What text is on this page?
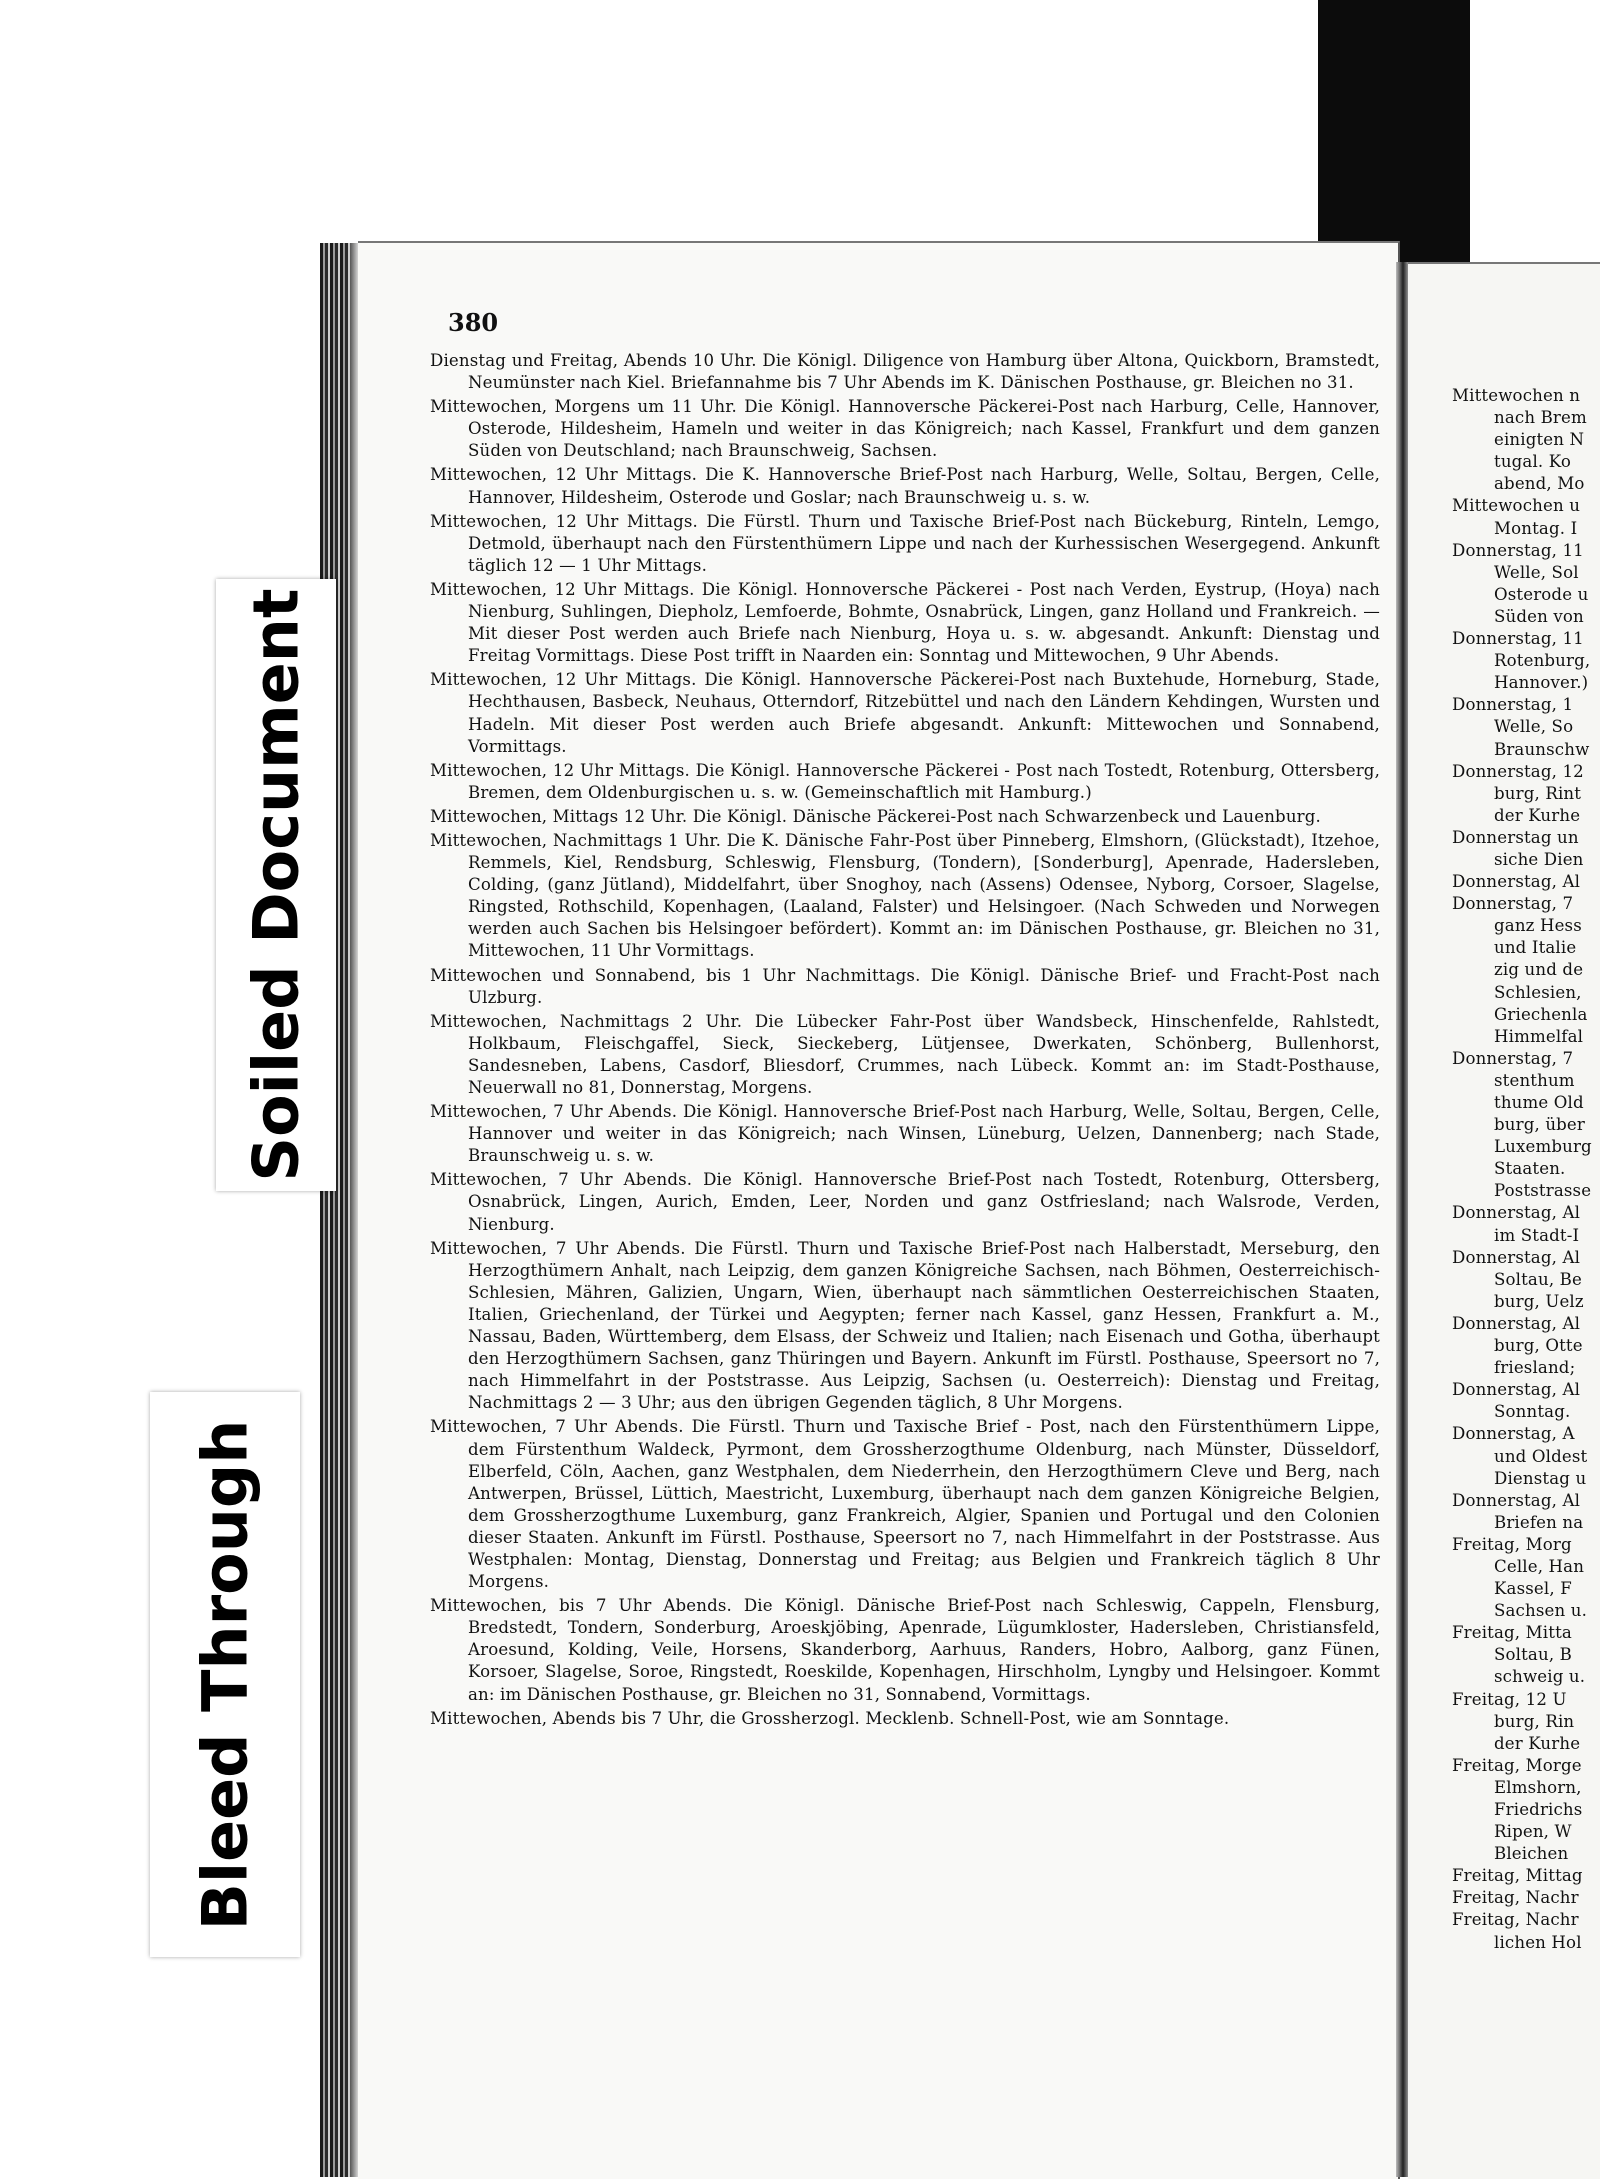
380

Dienstag und Freitag, Abends 10 Uhr. Die Königl. Diligence von Hamburg über Altona, Quickborn, Bramstedt, Neumünster nach Kiel. Briefannahme bis 7 Uhr Abends im K. Dänischen Posthause, gr. Bleichen no 31.

Mittewochen, Morgens um 11 Uhr. Die Königl. Hannoversche Päckerei-Post nach Harburg, Celle, Hannover, Osterode, Hildesheim, Hameln und weiter in das Königreich; nach Kassel, Frankfurt und dem ganzen Süden von Deutschland; nach Braunschweig, Sachsen.

Mittewochen, 12 Uhr Mittags. Die K. Hannoversche Brief-Post nach Harburg, Welle, Soltau, Bergen, Celle, Hannover, Hildesheim, Osterode und Goslar; nach Braunschweig u. s. w.

Mittewochen, 12 Uhr Mittags. Die Fürstl. Thurn und Taxische Brief-Post nach Bückeburg, Rinteln, Lemgo, Detmold, überhaupt nach den Fürstenthümern Lippe und nach der Kurhessischen Wesergegend. Ankunft täglich 12 — 1 Uhr Mittags.

Mittewochen, 12 Uhr Mittags. Die Königl. Honnoversche Päckerei - Post nach Verden, Eystrup, (Hoya) nach Nienburg, Suhlingen, Diepholz, Lemfoerde, Bohmte, Osnabrück, Lingen, ganz Holland und Frankreich. — Mit dieser Post werden auch Briefe nach Nienburg, Hoya u. s. w. abgesandt. Ankunft: Dienstag und Freitag Vormittags. Diese Post trifft in Naarden ein: Sonntag und Mittewochen, 9 Uhr Abends.

Mittewochen, 12 Uhr Mittags. Die Königl. Hannoversche Päckerei-Post nach Buxtehude, Horneburg, Stade, Hechthausen, Basbeck, Neuhaus, Otterndorf, Ritzebüttel und nach den Ländern Kehdingen, Wursten und Hadeln. Mit dieser Post werden auch Briefe abgesandt. Ankunft: Mittewochen und Sonnabend, Vormittags.

Mittewochen, 12 Uhr Mittags. Die Königl. Hannoversche Päckerei - Post nach Tostedt, Rotenburg, Ottersberg, Bremen, dem Oldenburgischen u. s. w. (Gemeinschaftlich mit Hamburg.)

Mittewochen, Mittags 12 Uhr. Die Königl. Dänische Päckerei-Post nach Schwarzenbeck und Lauenburg.

Mittewochen, Nachmittags 1 Uhr. Die K. Dänische Fahr-Post über Pinneberg, Elmshorn, (Glückstadt), Itzehoe, Remmels, Kiel, Rendsburg, Schleswig, Flensburg, (Tondern), [Sonderburg], Apenrade, Hadersleben, Colding, (ganz Jütland), Middelfahrt, über Snoghoy, nach (Assens) Odensee, Nyborg, Corsoer, Slagelse, Ringsted, Rothschild, Kopenhagen, (Laaland, Falster) und Helsingoer. (Nach Schweden und Norwegen werden auch Sachen bis Helsingoer befördert). Kommt an: im Dänischen Posthause, gr. Bleichen no 31, Mittewochen, 11 Uhr Vormittags.

Mittewochen und Sonnabend, bis 1 Uhr Nachmittags. Die Königl. Dänische Brief- und Fracht-Post nach Ulzburg.

Mittewochen, Nachmittags 2 Uhr. Die Lübecker Fahr-Post über Wandsbeck, Hinschenfelde, Rahlstedt, Holkbaum, Fleischgaffel, Sieck, Sieckeberg, Lütjensee, Dwerkaten, Schönberg, Bullenhorst, Sandesneben, Labens, Casdorf, Bliesdorf, Crummes, nach Lübeck. Kommt an: im Stadt-Posthause, Neuerwall no 81, Donnerstag, Morgens.

Mittewochen, 7 Uhr Abends. Die Königl. Hannoversche Brief-Post nach Harburg, Welle, Soltau, Bergen, Celle, Hannover und weiter in das Königreich; nach Winsen, Lüneburg, Uelzen, Dannenberg; nach Stade, Braunschweig u. s. w.

Mittewochen, 7 Uhr Abends. Die Königl. Hannoversche Brief-Post nach Tostedt, Rotenburg, Ottersberg, Osnabrück, Lingen, Aurich, Emden, Leer, Norden und ganz Ostfriesland; nach Walsrode, Verden, Nienburg.

Mittewochen, 7 Uhr Abends. Die Fürstl. Thurn und Taxische Brief-Post nach Halberstadt, Merseburg, den Herzogthümern Anhalt, nach Leipzig, dem ganzen Königreiche Sachsen, nach Böhmen, Oesterreichisch-Schlesien, Mähren, Galizien, Ungarn, Wien, überhaupt nach sämmtlichen Oesterreichischen Staaten, Italien, Griechenland, der Türkei und Aegypten; ferner nach Kassel, ganz Hessen, Frankfurt a. M., Nassau, Baden, Württemberg, dem Elsass, der Schweiz und Italien; nach Eisenach und Gotha, überhaupt den Herzogthümern Sachsen, ganz Thüringen und Bayern. Ankunft im Fürstl. Posthause, Speersort no 7, nach Himmelfahrt in der Poststrasse. Aus Leipzig, Sachsen (u. Oesterreich): Dienstag und Freitag, Nachmittags 2 — 3 Uhr; aus den übrigen Gegenden täglich, 8 Uhr Morgens.

Mittewochen, 7 Uhr Abends. Die Fürstl. Thurn und Taxische Brief - Post, nach den Fürstenthümern Lippe, dem Fürstenthum Waldeck, Pyrmont, dem Grossherzogthume Oldenburg, nach Münster, Düsseldorf, Elberfeld, Cöln, Aachen, ganz Westphalen, dem Niederrhein, den Herzogthümern Cleve und Berg, nach Antwerpen, Brüssel, Lüttich, Maestricht, Luxemburg, überhaupt nach dem ganzen Königreiche Belgien, dem Grossherzogthume Luxemburg, ganz Frankreich, Algier, Spanien und Portugal und den Colonien dieser Staaten. Ankunft im Fürstl. Posthause, Speersort no 7, nach Himmelfahrt in der Poststrasse. Aus Westphalen: Montag, Dienstag, Donnerstag und Freitag; aus Belgien und Frankreich täglich 8 Uhr Morgens.

Mittewochen, bis 7 Uhr Abends. Die Königl. Dänische Brief-Post nach Schleswig, Cappeln, Flensburg, Bredstedt, Tondern, Sonderburg, Aroeskjöbing, Apenrade, Lügumkloster, Hadersleben, Christiansfeld, Aroesund, Kolding, Veile, Horsens, Skanderborg, Aarhuus, Randers, Hobro, Aalborg, ganz Fünen, Korsoer, Slagelse, Soroe, Ringstedt, Roeskilde, Kopenhagen, Hirschholm, Lyngby und Helsingoer. Kommt an: im Dänischen Posthause, gr. Bleichen no 31, Sonnabend, Vormittags.

Mittewochen, Abends bis 7 Uhr, die Grossherzogl. Mecklenb. Schnell-Post, wie am Sonntage.

Mittewochen n
nach Brem
einigten N
tugal. Ko
abend, Mo
Mittewochen u
Montag. I
Donnerstag, 11
Welle, Sol
Osterode u
Süden von
Donnerstag, 11
Rotenburg,
Hannover.)
Donnerstag, 1
Welle, So
Braunschw
Donnerstag, 12
burg, Rint
der Kurhe
Donnerstag un
siche Dien
Donnerstag, Al
Donnerstag, 7
ganz Hess
und Italie
zig und de
Schlesien,
Griechenla
Himmelfal
Donnerstag, 7
stenthum
thume Old
burg, über
Luxemburg
Staaten.
Poststrasse
Donnerstag, Al
im Stadt-I
Donnerstag, Al
Soltau, Be
burg, Uelz
Donnerstag, Al
burg, Otte
friesland;
Donnerstag, Al
Sonntag.
Donnerstag, A
und Oldest
Dienstag u
Donnerstag, Al
Briefen na
Freitag, Morg
Celle, Han
Kassel, F
Sachsen u.
Freitag, Mitta
Soltau, B
schweig u.
Freitag, 12 U
burg, Rin
der Kurhe
Freitag, Morge
Elmshorn,
Friedrichs
Ripen, W
Bleichen
Freitag, Mittag
Freitag, Nachr
Freitag, Nachr
lichen Hol
Soiled Document
Bleed Through
